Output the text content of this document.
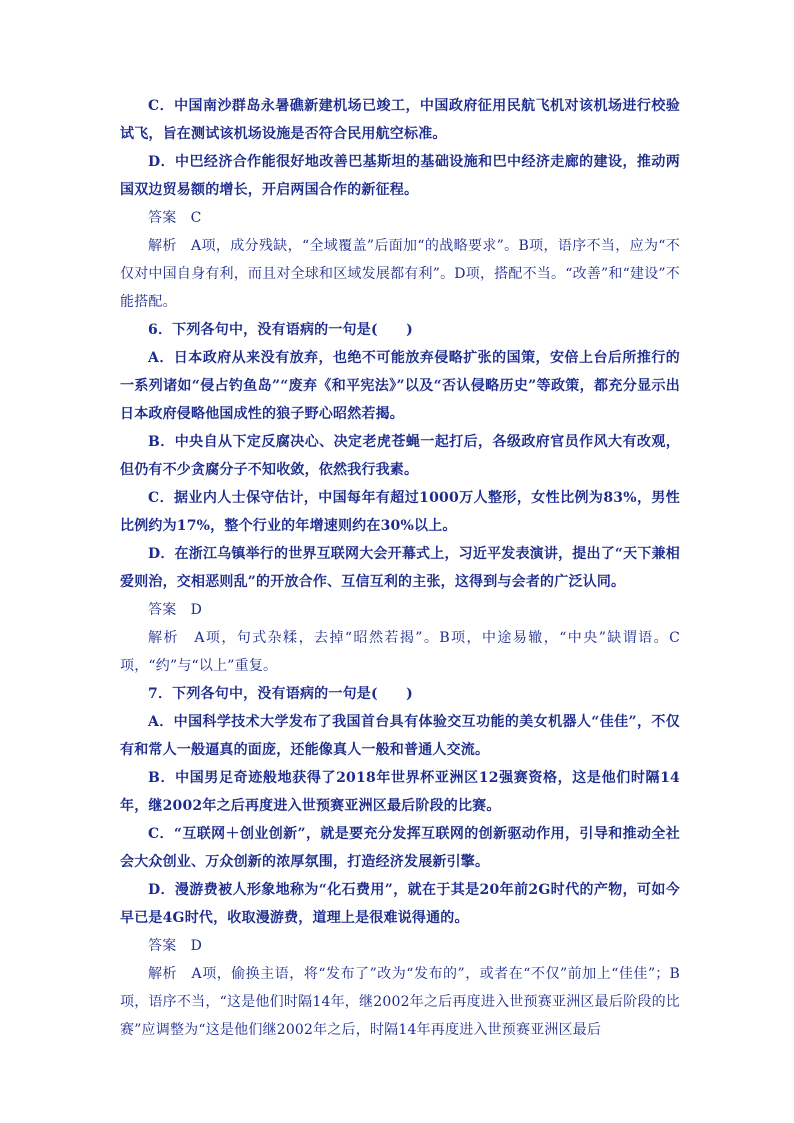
C．中国南沙群岛永暑礁新建机场已竣工，中国政府征用民航飞机对该机场进行校验试飞，旨在测试该机场设施是否符合民用航空标准。

D．中巴经济合作能很好地改善巴基斯坦的基础设施和巴中经济走廊的建设，推动两国双边贸易额的增长，开启两国合作的新征程。

答案　C

解析　A项，成分残缺，“全域覆盖”后面加“的战略要求”。B项，语序不当，应为“不仅对中国自身有利，而且对全球和区域发展都有利”。D项，搭配不当。“改善”和“建设”不能搭配。

6．下列各句中，没有语病的一句是(　　)

A．日本政府从来没有放弃，也绝不可能放弃侵略扩张的国策，安倍上台后所推行的一系列诸如“侵占钓鱼岛”“废弃《和平宪法》”以及“否认侵略历史”等政策，都充分显示出日本政府侵略他国成性的狼子野心昭然若揭。

B．中央自从下定反腐决心、决定老虎苍蝇一起打后，各级政府官员作风大有改观，但仍有不少贪腐分子不知收敛，依然我行我素。

C．据业内人士保守估计，中国每年有超过1000万人整形，女性比例为83%，男性比例约为17%，整个行业的年增速则约在30%以上。

D．在浙江乌镇举行的世界互联网大会开幕式上，习近平发表演讲，提出了“天下兼相爱则治，交相恶则乱”的开放合作、互信互利的主张，这得到与会者的广泛认同。

答案　D

解析　A项，句式杂糅，去掉“昭然若揭”。B项，中途易辙，“中央”缺谓语。C项，“约”与“以上”重复。

7．下列各句中，没有语病的一句是(　　)

A．中国科学技术大学发布了我国首台具有体验交互功能的美女机器人“佳佳”，不仅有和常人一般逼真的面庞，还能像真人一般和普通人交流。

B．中国男足奇迹般地获得了2018年世界杯亚洲区12强赛资格，这是他们时隔14年，继2002年之后再度进入世预赛亚洲区最后阶段的比赛。

C．“互联网＋创业创新”，就是要充分发挥互联网的创新驱动作用，引导和推动全社会大众创业、万众创新的浓厚氛围，打造经济发展新引擎。

D．漫游费被人形象地称为“化石费用”，就在于其是20年前2G时代的产物，可如今早已是4G时代，收取漫游费，道理上是很难说得通的。

答案　D

解析　A项，偷换主语，将“发布了”改为“发布的”，或者在“不仅”前加上“佳佳”；B项，语序不当，“这是他们时隔14年，继2002年之后再度进入世预赛亚洲区最后阶段的比赛”应调整为“这是他们继2002年之后，时隔14年再度进入世预赛亚洲区最后
